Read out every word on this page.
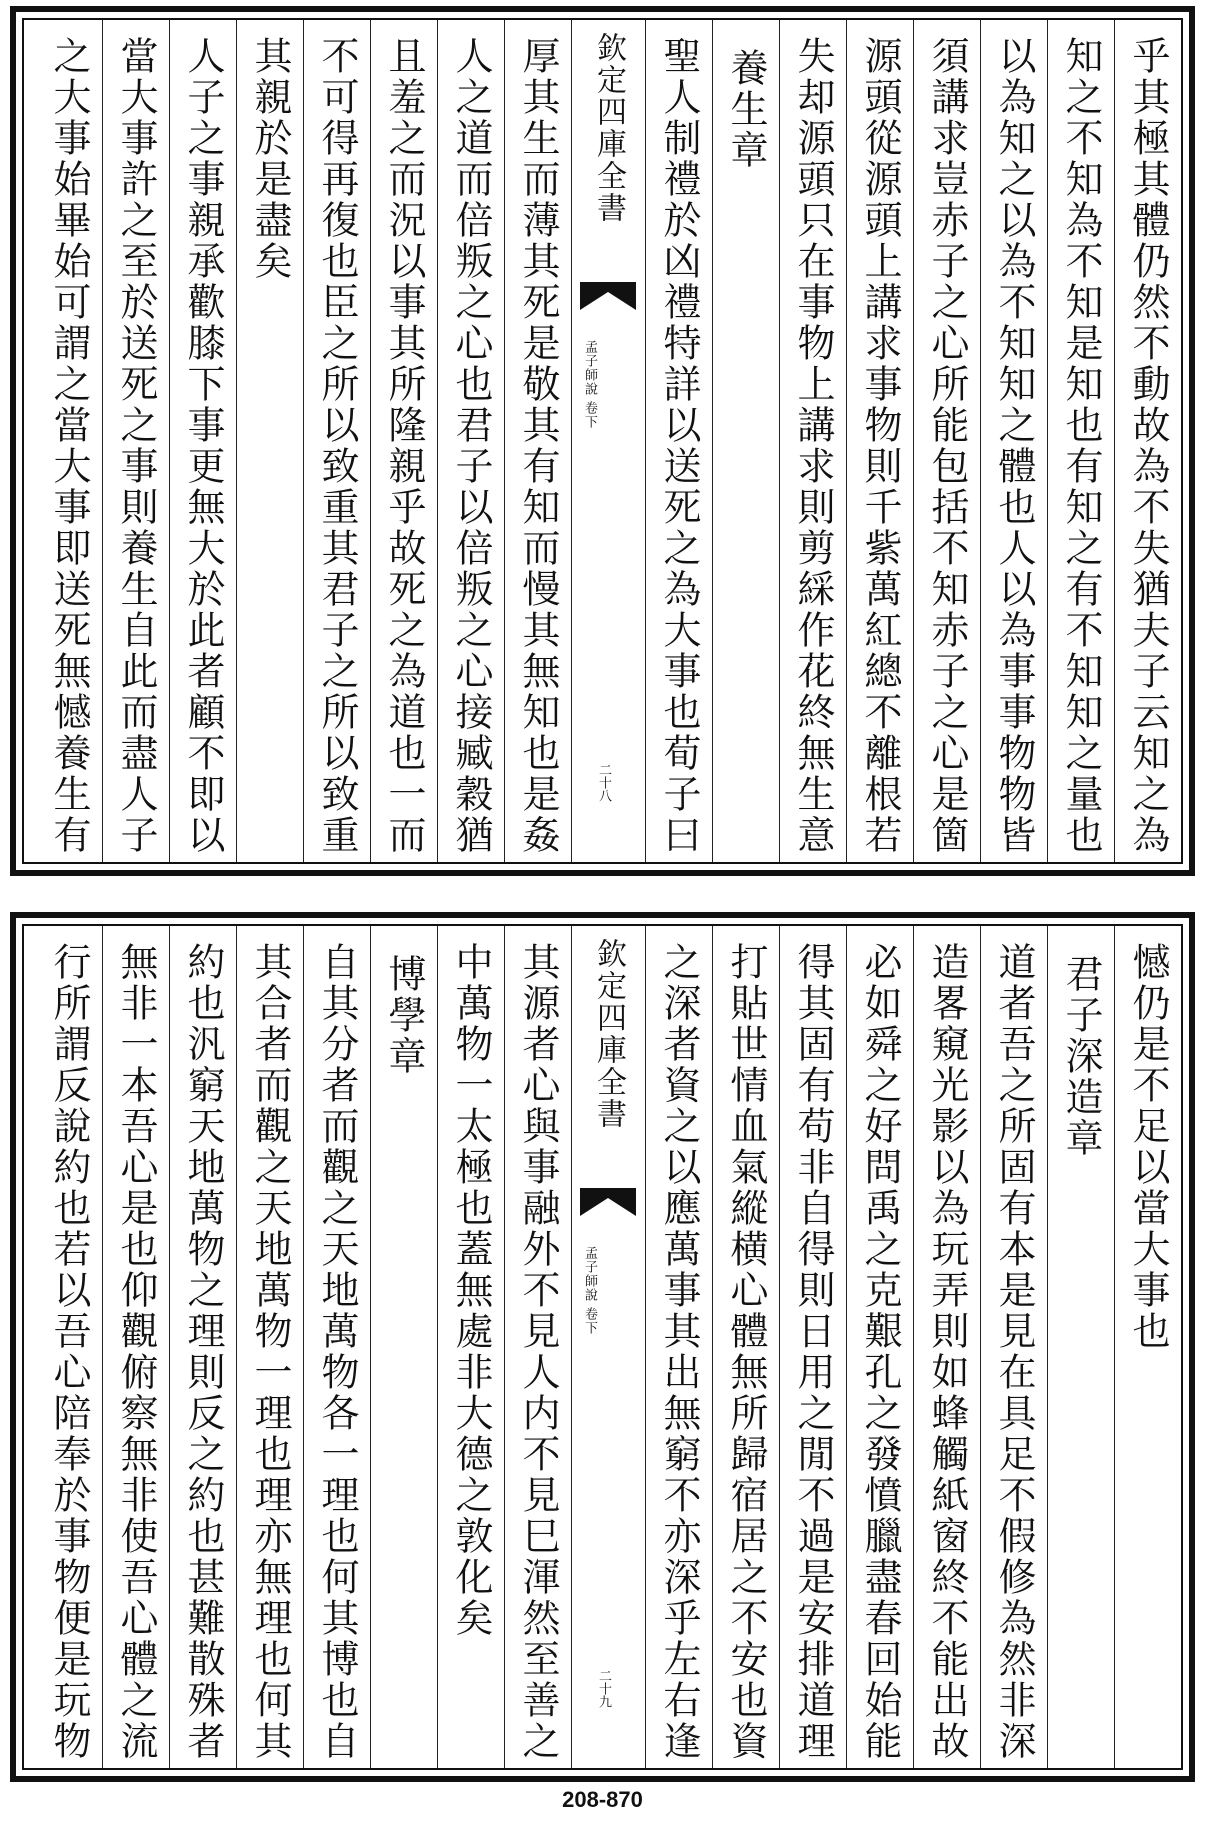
乎其極其體仍然不動故為不失猶夫子云知之為
知之不知為不知是知也有知之有不知知之量也
以為知之以為不知知之體也人以為事事物物皆
須講求豈赤子之心所能包括不知赤子之心是箇
源頭從源頭上講求事物則千紫萬紅總不離根若
失却源頭只在事物上講求則剪綵作花終無生意
養生章
聖人制禮於凶禮特詳以送死之為大事也荀子曰
欽定四庫全書
孟子師說 卷下
二十八
厚其生而薄其死是敬其有知而慢其無知也是姦
人之道而倍叛之心也君子以倍叛之心接臧穀猶
且羞之而況以事其所隆親乎故死之為道也一而
不可得再復也臣之所以致重其君子之所以致重
其親於是盡矣
人子之事親承歡膝下事更無大於此者顧不即以
當大事許之至於送死之事則養生自此而盡人子
之大事始畢始可謂之當大事即送死無憾養生有
憾仍是不足以當大事也
君子深造章
道者吾之所固有本是見在具足不假修為然非深
造畧窺光影以為玩弄則如蜂觸紙窗終不能出故
必如舜之好問禹之克艱孔之發憤臘盡春回始能
得其固有苟非自得則日用之閒不過是安排道理
打貼世情血氣縱横心體無所歸宿居之不安也資
之深者資之以應萬事其出無窮不亦深乎左右逢
欽定四庫全書
孟子師說 卷下
二十九
其源者心與事融外不見人内不見巳渾然至善之
中萬物一太極也蓋無處非大德之敦化矣
博學章
自其分者而觀之天地萬物各一理也何其博也自
其合者而觀之天地萬物一理也理亦無理也何其
約也汎窮天地萬物之理則反之約也甚難散殊者
無非一本吾心是也仰觀俯察無非使吾心體之流
行所謂反說約也若以吾心陪奉於事物便是玩物
208-870
